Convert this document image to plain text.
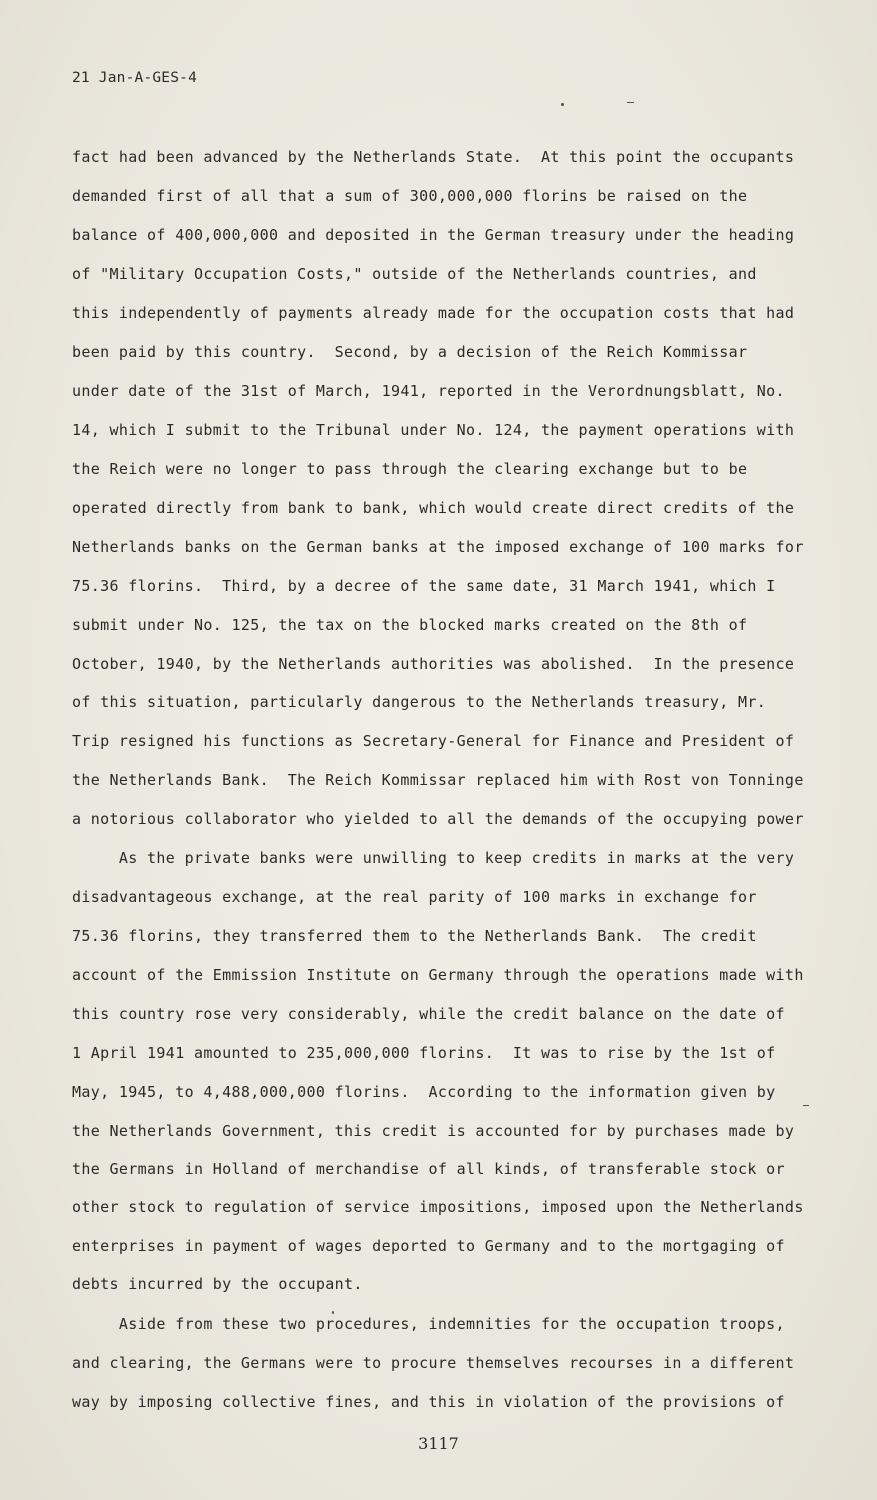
21 Jan-A-GES-4
fact had been advanced by the Netherlands State.  At this point the occupants
demanded first of all that a sum of 300,000,000 florins be raised on the
balance of 400,000,000 and deposited in the German treasury under the heading
of "Military Occupation Costs," outside of the Netherlands countries, and
this independently of payments already made for the occupation costs that had
been paid by this country.  Second, by a decision of the Reich Kommissar
under date of the 31st of March, 1941, reported in the Verordnungsblatt, No.
14, which I submit to the Tribunal under No. 124, the payment operations with
the Reich were no longer to pass through the clearing exchange but to be
operated directly from bank to bank, which would create direct credits of the
Netherlands banks on the German banks at the imposed exchange of 100 marks for
75.36 florins.  Third, by a decree of the same date, 31 March 1941, which I
submit under No. 125, the tax on the blocked marks created on the 8th of
October, 1940, by the Netherlands authorities was abolished.  In the presence
of this situation, particularly dangerous to the Netherlands treasury, Mr.
Trip resigned his functions as Secretary-General for Finance and President of
the Netherlands Bank.  The Reich Kommissar replaced him with Rost von Tonninge
a notorious collaborator who yielded to all the demands of the occupying power
As the private banks were unwilling to keep credits in marks at the very
disadvantageous exchange, at the real parity of 100 marks in exchange for
75.36 florins, they transferred them to the Netherlands Bank.  The credit
account of the Emmission Institute on Germany through the operations made with
this country rose very considerably, while the credit balance on the date of
1 April 1941 amounted to 235,000,000 florins.  It was to rise by the 1st of
May, 1945, to 4,488,000,000 florins.  According to the information given by
the Netherlands Government, this credit is accounted for by purchases made by
the Germans in Holland of merchandise of all kinds, of transferable stock or
other stock to regulation of service impositions, imposed upon the Netherlands
enterprises in payment of wages deported to Germany and to the mortgaging of
debts incurred by the occupant.
Aside from these two procedures, indemnities for the occupation troops,
and clearing, the Germans were to procure themselves recourses in a different
way by imposing collective fines, and this in violation of the provisions of
3117
